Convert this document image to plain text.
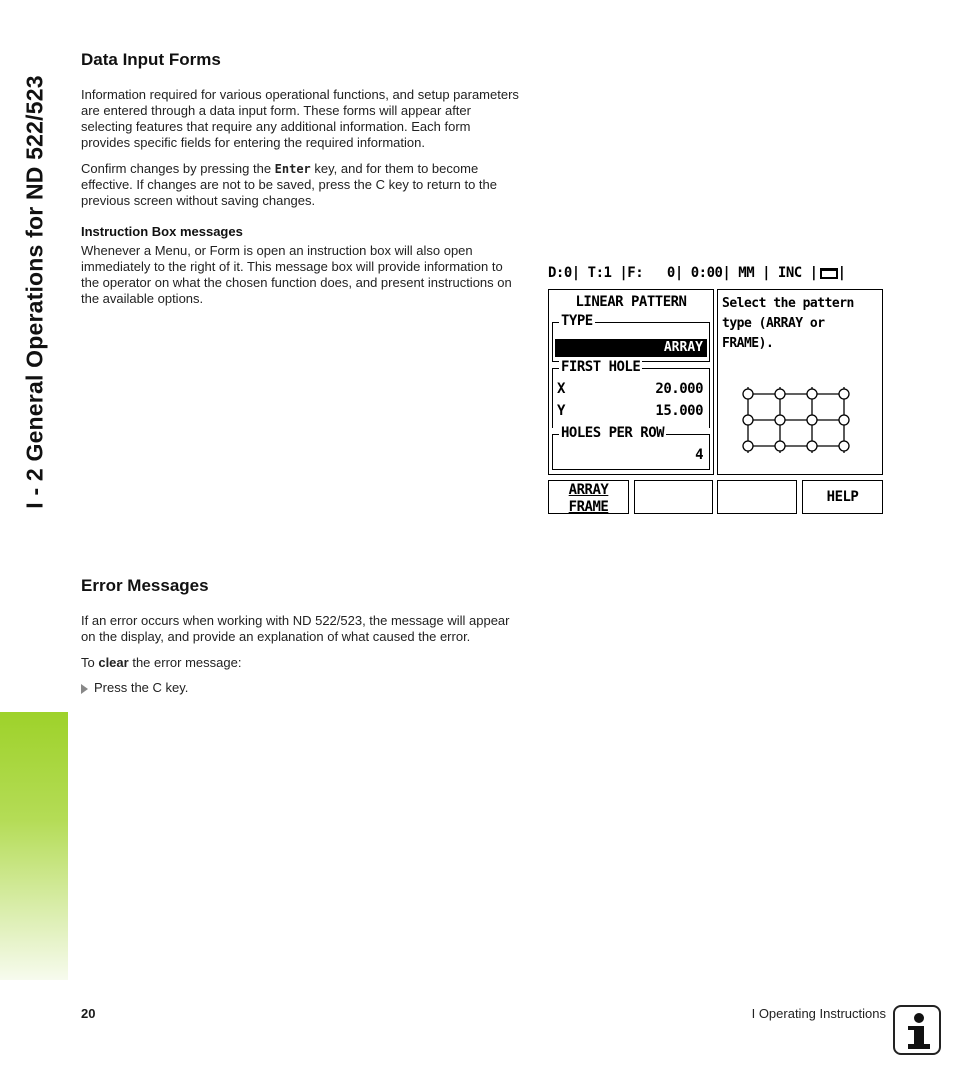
I - 2 General Operations for ND 522/523
Data Input Forms

Information required for various operational functions, and setup parameters are entered through a data input form. These forms will appear after selecting features that require any additional information. Each form provides specific fields for entering the required information.

Confirm changes by pressing the Enter key, and for them to become effective. If changes are not to be saved, press the C key to return to the previous screen without saving changes.

Instruction Box messages

Whenever a Menu, or Form is open an instruction box will also open immediately to the right of it. This message box will provide information to the operator on what the chosen function does, and present instructions on the available options.

D:0| T:1 |F:   0| 0:00| MM | INC | |
LINEAR PATTERN
TYPE
ARRAY
FIRST HOLE
X	20.000
Y	15.000
HOLES PER ROW
4
Select the pattern
type (ARRAY or
FRAME).
ARRAY
FRAME
HELP
Error Messages

If an error occurs when working with ND 522/523, the message will appear on the display, and provide an explanation of what caused the error.

To clear the error message:

Press the C key.

20	I Operating Instructions
